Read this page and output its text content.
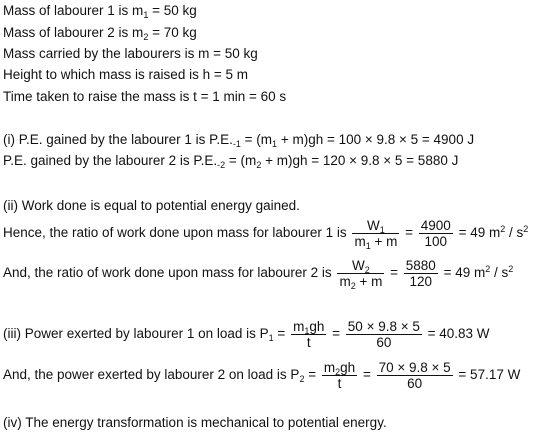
Mass of labourer 1 is $m_1 = 50$ kg
Mass of labourer 2 is $m_2 = 70$ kg
Mass carried by the labourers is m = 50 kg
Height to which mass is raised is h = 5 m
Time taken to raise the mass is t = 1 min = 60 s
(i) P.E. gained by the labourer 1 is $P.E._{-1} = (m_1 + m)gh = 100 \times 9.8 \times 5 = 4900$ J
P.E. gained by the labourer 2 is $P.E._{-2} = (m_2 + m)gh = 120 \times 9.8 \times 5 = 5880$ J
(ii) Work done is equal to potential energy gained.
Hence, the ratio of work done upon mass for labourer 1 is $\frac{W_1}{m_1 + m} = \frac{4900}{100} = 49$ $m^2 / s^2$
And, the ratio of work done upon mass for labourer 2 is $\frac{W_2}{m_2 + m} = \frac{5880}{120} = 49$ $m^2 / s^2$
(iii) Power exerted by labourer 1 on load is $P_1 = \frac{m_1gh}{t} = \frac{50 \times 9.8 \times 5}{60} = 40.83$ W
And, the power exerted by labourer 2 on load is $P_2 = \frac{m_2gh}{t} = \frac{70 \times 9.8 \times 5}{60} = 57.17$ W
(iv) The energy transformation is mechanical to potential energy.
